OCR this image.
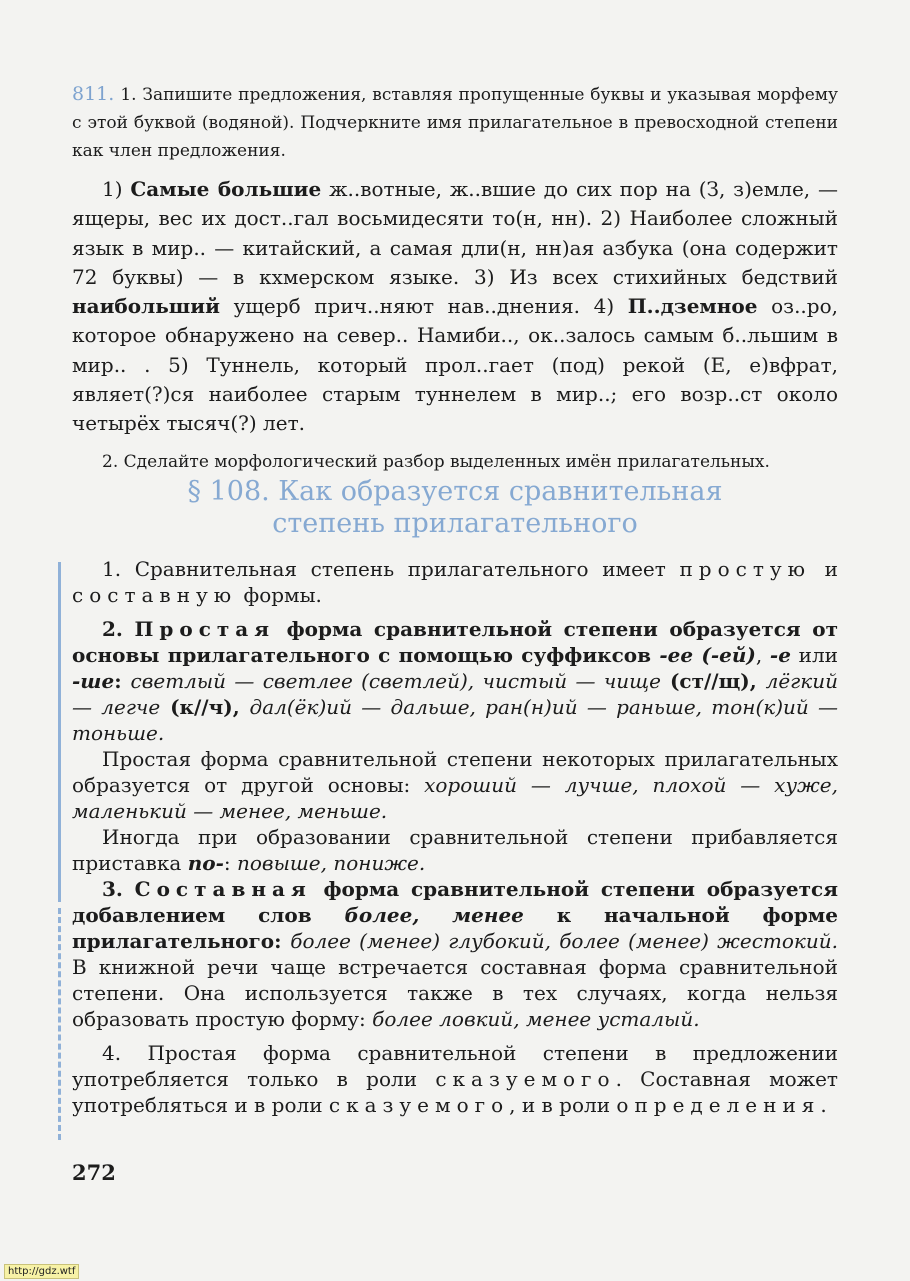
811. 1. Запишите предложения, вставляя пропущенные буквы и указывая морфему с этой буквой (водяной). Подчеркните имя прилагательное в превосходной степени как член предложения.

1) Самые большие ж..вотные, ж..вшие до сих пор на (З, з)емле, — ящеры, вес их дост..гал восьмидесяти то(н, нн). 2) Наиболее сложный язык в мир.. — китайский, а самая дли(н, нн)ая азбука (она содержит 72 буквы) — в кхмерском языке. 3) Из всех стихийных бедствий наибольший ущерб прич..няют нав..днения. 4) П..дземное оз..ро, которое обнаружено на север.. Намиби.., ок..залось самым б..льшим в мир.. . 5) Туннель, который прол..гает (под) рекой (Е, е)вфрат, являет(?)ся наиболее старым туннелем в мир..; его возр..ст около четырёх тысяч(?) лет.

2. Сделайте морфологический разбор выделенных имён прилагательных.
§ 108. Как образуется сравнительная
степень прилагательного

1. Сравнительная степень прилагательного имеет простую и составную формы.

2. Простая форма сравнительной степени образуется от основы прилагательного с помощью суффиксов -ее (-ей), -е или -ше: светлый — светлее (светлей), чистый — чище (ст//щ), лёгкий — легче (к//ч), дал(ёк)ий — дальше, ран(н)ий — раньше, тон(к)ий — тоньше.

Простая форма сравнительной степени некоторых прилагательных образуется от другой основы: хороший — лучше, плохой — хуже, маленький — менее, меньше.

Иногда при образовании сравнительной степени прибавляется приставка по-: повыше, пониже.

3. Составная форма сравнительной степени образуется добавлением слов более, менее к начальной форме прилагательного: более (менее) глубокий, более (менее) жестокий. В книжной речи чаще встречается составная форма сравнительной степени. Она используется также в тех случаях, когда нельзя образовать простую форму: более ловкий, менее усталый.

4. Простая форма сравнительной степени в предложении употребляется только в роли сказуемого. Составная может употребляться и в роли сказуемого, и в роли определения.

272
http://gdz.wtf
